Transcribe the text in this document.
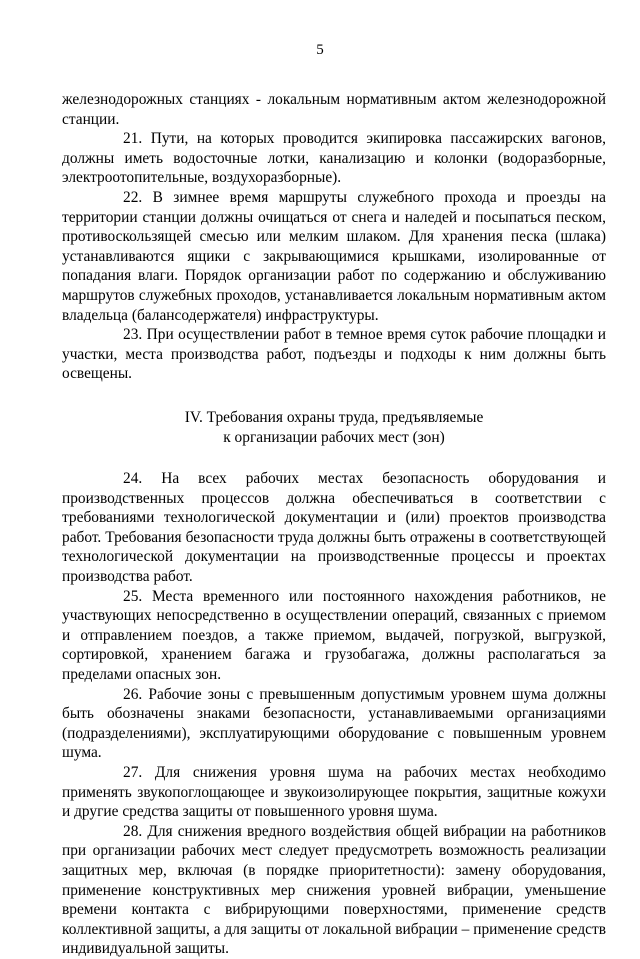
5

железнодорожных станциях - локальным нормативным актом железнодорожной станции.

21. Пути, на которых проводится экипировка пассажирских вагонов, должны иметь водосточные лотки, канализацию и колонки (водоразборные, электроотопительные, воздухоразборные).

22. В зимнее время маршруты служебного прохода и проезды на территории станции должны очищаться от снега и наледей и посыпаться песком, противоскользящей смесью или мелким шлаком. Для хранения песка (шлака) устанавливаются ящики с закрывающимися крышками, изолированные от попадания влаги. Порядок организации работ по содержанию и обслуживанию маршрутов служебных проходов, устанавливается локальным нормативным актом владельца (балансодержателя) инфраструктуры.

23. При осуществлении работ в темное время суток рабочие площадки и участки, места производства работ, подъезды и подходы к ним должны быть освещены.

IV. Требования охраны труда, предъявляемые
к организации рабочих мест (зон)

24. На всех рабочих местах безопасность оборудования и производственных процессов должна обеспечиваться в соответствии с требованиями технологической документации и (или) проектов производства работ. Требования безопасности труда должны быть отражены в соответствующей технологической документации на производственные процессы и проектах производства работ.

25. Места временного или постоянного нахождения работников, не участвующих непосредственно в осуществлении операций, связанных с приемом и отправлением поездов, а также приемом, выдачей, погрузкой, выгрузкой, сортировкой, хранением багажа и грузобагажа, должны располагаться за пределами опасных зон.

26. Рабочие зоны с превышенным допустимым уровнем шума должны быть обозначены знаками безопасности, устанавливаемыми организациями (подразделениями), эксплуатирующими оборудование с повышенным уровнем шума.

27. Для снижения уровня шума на рабочих местах необходимо применять звукопоглощающее и звукоизолирующее покрытия, защитные кожухи и другие средства защиты от повышенного уровня шума.

28. Для снижения вредного воздействия общей вибрации на работников при организации рабочих мест следует предусмотреть возможность реализации защитных мер, включая (в порядке приоритетности): замену оборудования, применение конструктивных мер снижения уровней вибрации, уменьшение времени контакта с вибрирующими поверхностями, применение средств коллективной защиты, а для защиты от локальной вибрации – применение средств индивидуальной защиты.
